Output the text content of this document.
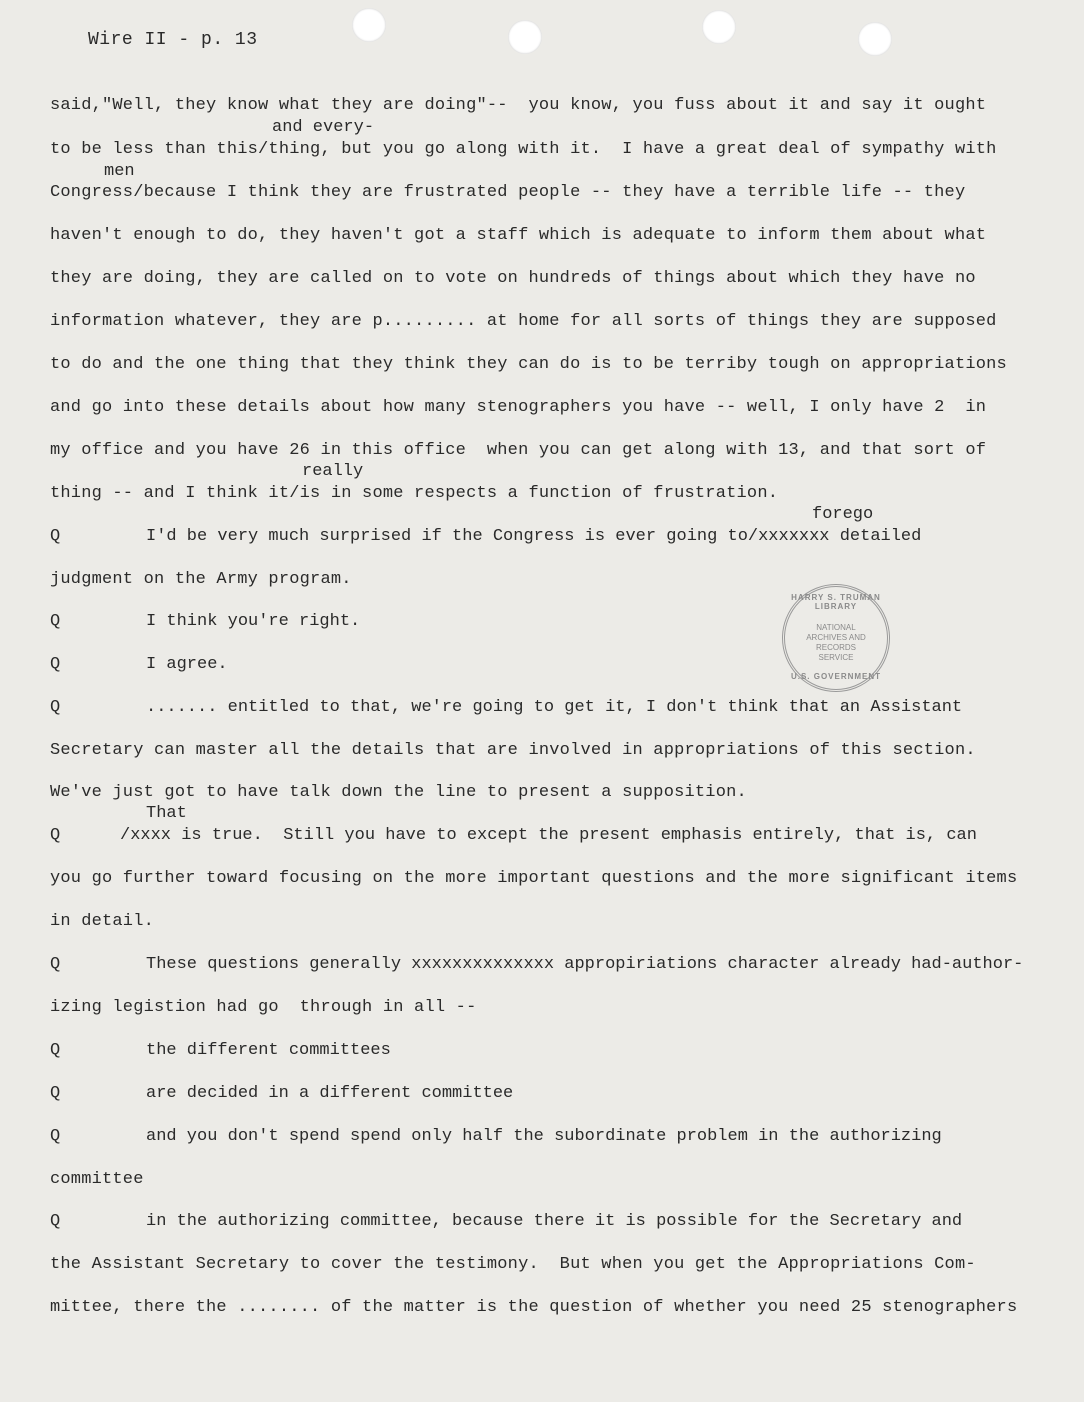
Wire II - p. 13
said,"Well, they know what they are doing"--  you know, you fuss about it and say it ought
and every-
to be less than this/thing, but you go along with it.  I have a great deal of sympathy with
men
Congress/because I think they are frustrated people -- they have a terrible life -- they
haven't enough to do, they haven't got a staff which is adequate to inform them about what
they are doing, they are called on to vote on hundreds of things about which they have no
information whatever, they are p......... at home for all sorts of things they are supposed
to do and the one thing that they think they can do is to be terriby tough on appropriations
and go into these details about how many stenographers you have -- well, I only have 2  in
my office and you have 26 in this office  when you can get along with 13, and that sort of
really
thing -- and I think it/is in some respects a function of frustration.
forego
Q	I'd be very much surprised if the Congress is ever going to/xxxxxxx detailed
judgment on the Army program.
Q	I think you're right.
Q	I agree.
Q	....... entitled to that, we're going to get it, I don't think that an Assistant
Secretary can master all the details that are involved in appropriations of this section.
We've just got to have talk down the line to present a supposition.
That
Q	/xxxx is true.  Still you have to except the present emphasis entirely, that is, can
you go further toward focusing on the more important questions and the more significant items
in detail.
Q	These questions generally xxxxxxxxxxxxxx appropiriations character already had-author-
izing legistion had go  through in all --
Q	the different committees
Q	are decided in a different committee
Q	and you don't spend spend only half the subordinate problem in the authorizing
committee
Q	in the authorizing committee, because there it is possible for the Secretary and
the Assistant Secretary to cover the testimony.  But when you get the Appropriations Com-
mittee, there the ........ of the matter is the question of whether you need 25 stenographers
HARRY S. TRUMAN LIBRARY
NATIONAL
ARCHIVES AND
RECORDS
SERVICE
U.S. GOVERNMENT
